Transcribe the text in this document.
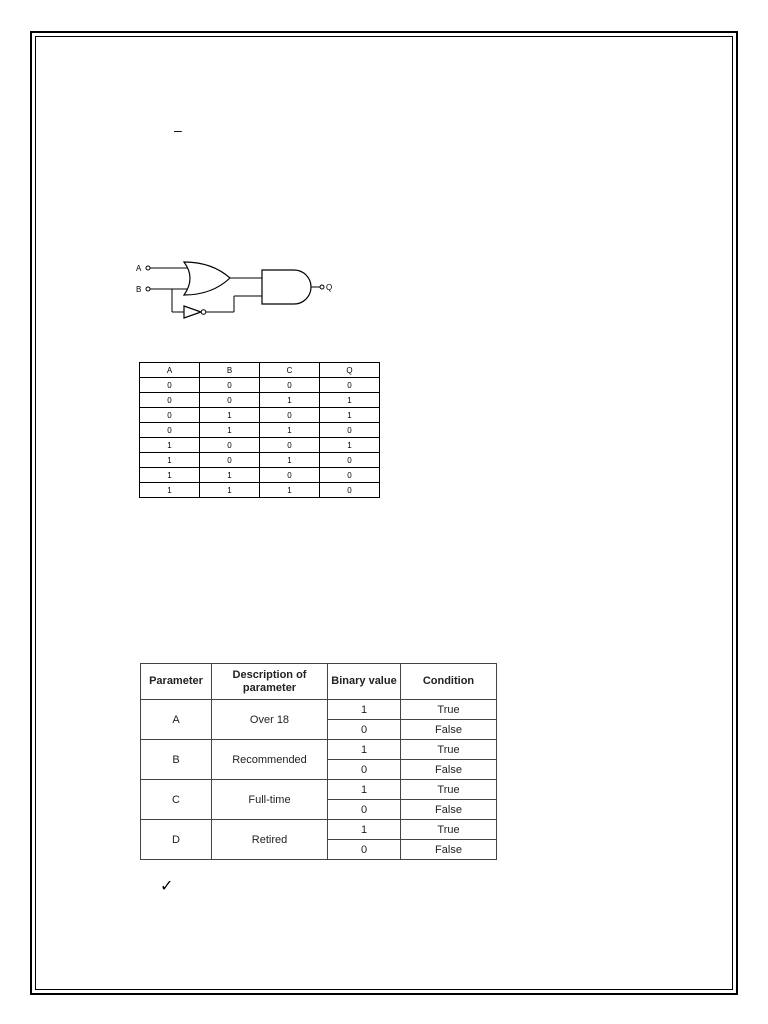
–
A
B	Q
A	B	C	Q
0	0	0	0
0	0	1	1
0	1	0	1
0	1	1	0
1	0	0	1
1	0	1	0
1	1	0	0
1	1	1	0
Parameter	Description of parameter	Binary value	Condition
A	Over 18	1	True
		0	False
B	Recommended	1	True
		0	False
C	Full-time	1	True
		0	False
D	Retired	1	True
		0	False
✓
